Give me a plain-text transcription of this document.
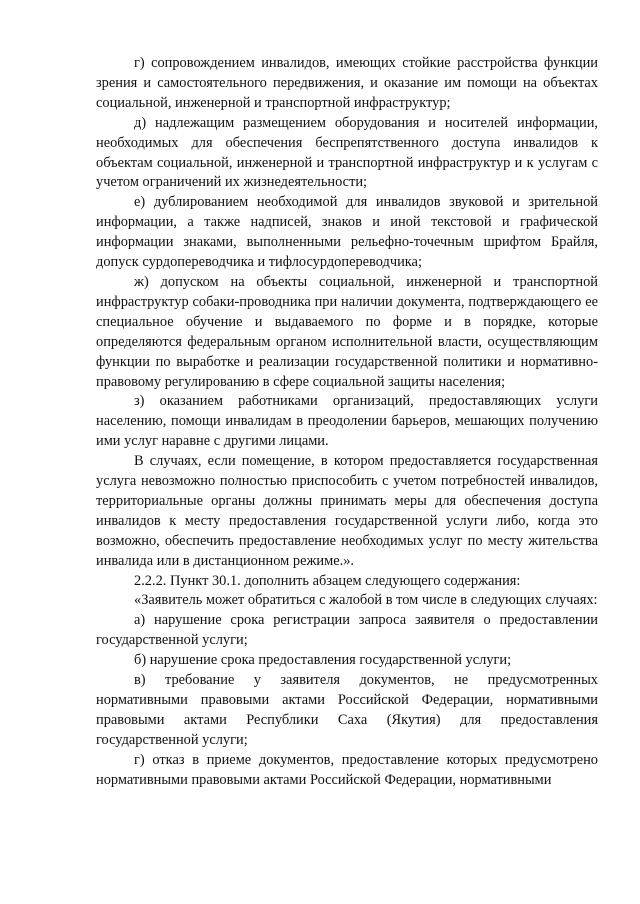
г) сопровождением инвалидов, имеющих стойкие расстройства функции зрения и самостоятельного передвижения, и оказание им помощи на объектах социальной, инженерной и транспортной инфраструктур;

д) надлежащим размещением оборудования и носителей информации, необходимых для обеспечения беспрепятственного доступа инвалидов к объектам социальной, инженерной и транспортной инфраструктур и к услугам с учетом ограничений их жизнедеятельности;

е) дублированием необходимой для инвалидов звуковой и зрительной информации, а также надписей, знаков и иной текстовой и графической информации знаками, выполненными рельефно-точечным шрифтом Брайля, допуск сурдопереводчика и тифлосурдопереводчика;

ж) допуском на объекты социальной, инженерной и транспортной инфраструктур собаки-проводника при наличии документа, подтверждающего ее специальное обучение и выдаваемого по форме и в порядке, которые определяются федеральным органом исполнительной власти, осуществляющим функции по выработке и реализации государственной политики и нормативно-правовому регулированию в сфере социальной защиты населения;

з) оказанием работниками организаций, предоставляющих услуги населению, помощи инвалидам в преодолении барьеров, мешающих получению ими услуг наравне с другими лицами.

В случаях, если помещение, в котором предоставляется государственная услуга невозможно полностью приспособить с учетом потребностей инвалидов, территориальные органы должны принимать меры для обеспечения доступа инвалидов к месту предоставления государственной услуги либо, когда это возможно, обеспечить предоставление необходимых услуг по месту жительства инвалида или в дистанционном режиме.».

2.2.2. Пункт 30.1. дополнить абзацем следующего содержания:

«Заявитель может обратиться с жалобой в том числе в следующих случаях:

а) нарушение срока регистрации запроса заявителя о предоставлении государственной услуги;

б) нарушение срока предоставления государственной услуги;

в) требование у заявителя документов, не предусмотренных нормативными правовыми актами Российской Федерации, нормативными правовыми актами Республики Саха (Якутия) для предоставления государственной услуги;

г) отказ в приеме документов, предоставление которых предусмотрено нормативными правовыми актами Российской Федерации, нормативными
